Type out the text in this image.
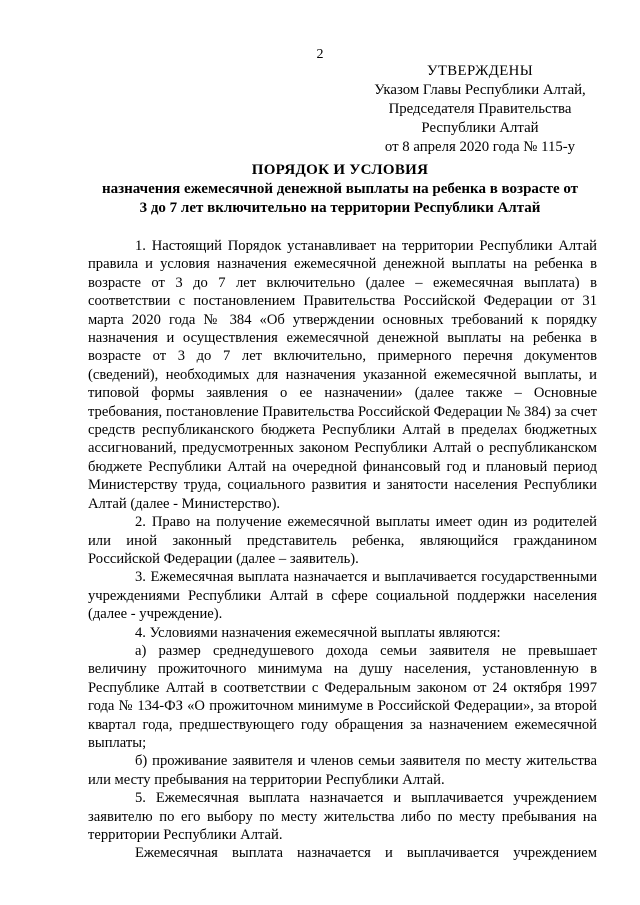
2
УТВЕРЖДЕНЫ
Указом Главы Республики Алтай,
Председателя Правительства
Республики Алтай
от 8 апреля 2020 года № 115-у
ПОРЯДОК И УСЛОВИЯ
назначения ежемесячной денежной выплаты на ребенка в возрасте от
3 до 7 лет включительно на территории Республики Алтай

1. Настоящий Порядок устанавливает на территории Республики Алтай правила и условия назначения ежемесячной денежной выплаты на ребенка в возрасте от 3 до 7 лет включительно (далее – ежемесячная выплата) в соответствии с постановлением Правительства Российской Федерации от 31 марта 2020 года № 384 «Об утверждении основных требований к порядку назначения и осуществления ежемесячной денежной выплаты на ребенка в возрасте от 3 до 7 лет включительно, примерного перечня документов (сведений), необходимых для назначения указанной ежемесячной выплаты, и типовой формы заявления о ее назначении» (далее также – Основные требования, постановление Правительства Российской Федерации № 384) за счет средств республиканского бюджета Республики Алтай в пределах бюджетных ассигнований, предусмотренных законом Республики Алтай о республиканском бюджете Республики Алтай на очередной финансовый год и плановый период Министерству труда, социального развития и занятости населения Республики Алтай (далее - Министерство).

2. Право на получение ежемесячной выплаты имеет один из родителей или иной законный представитель ребенка, являющийся гражданином Российской Федерации (далее – заявитель).

3. Ежемесячная выплата назначается и выплачивается государственными учреждениями Республики Алтай в сфере социальной поддержки населения (далее - учреждение).

4. Условиями назначения ежемесячной выплаты являются:

а) размер среднедушевого дохода семьи заявителя не превышает величину прожиточного минимума на душу населения, установленную в Республике Алтай в соответствии с Федеральным законом от 24 октября 1997 года № 134-ФЗ «О прожиточном минимуме в Российской Федерации», за второй квартал года, предшествующего году обращения за назначением ежемесячной выплаты;

б) проживание заявителя и членов семьи заявителя по месту жительства или месту пребывания на территории Республики Алтай.

5. Ежемесячная выплата назначается и выплачивается учреждением заявителю по его выбору по месту жительства либо по месту пребывания на территории Республики Алтай.

Ежемесячная выплата назначается и выплачивается учреждением
